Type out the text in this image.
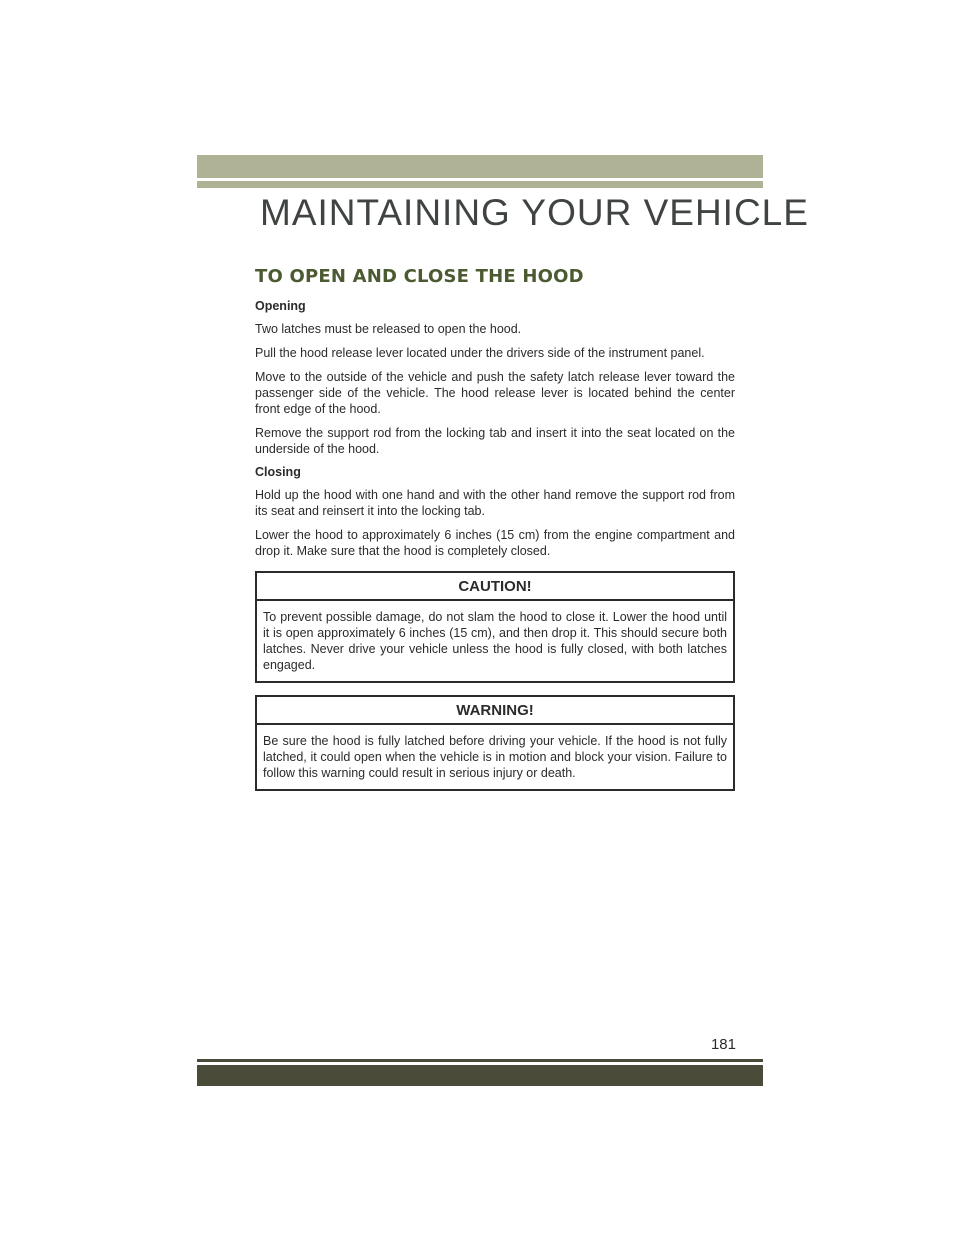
MAINTAINING YOUR VEHICLE
TO OPEN AND CLOSE THE HOOD
Opening

Two latches must be released to open the hood.

Pull the hood release lever located under the drivers side of the instrument panel.

Move to the outside of the vehicle and push the safety latch release lever toward the passenger side of the vehicle. The hood release lever is located behind the center front edge of the hood.

Remove the support rod from the locking tab and insert it into the seat located on the underside of the hood.

Closing

Hold up the hood with one hand and with the other hand remove the support rod from its seat and reinsert it into the locking tab.

Lower the hood to approximately 6 inches (15 cm) from the engine compartment and drop it. Make sure that the hood is completely closed.

CAUTION!
To prevent possible damage, do not slam the hood to close it. Lower the hood until it is open approximately 6 inches (15 cm), and then drop it. This should secure both latches. Never drive your vehicle unless the hood is fully closed, with both latches engaged.
WARNING!
Be sure the hood is fully latched before driving your vehicle. If the hood is not fully latched, it could open when the vehicle is in motion and block your vision. Failure to follow this warning could result in serious injury or death.
181
